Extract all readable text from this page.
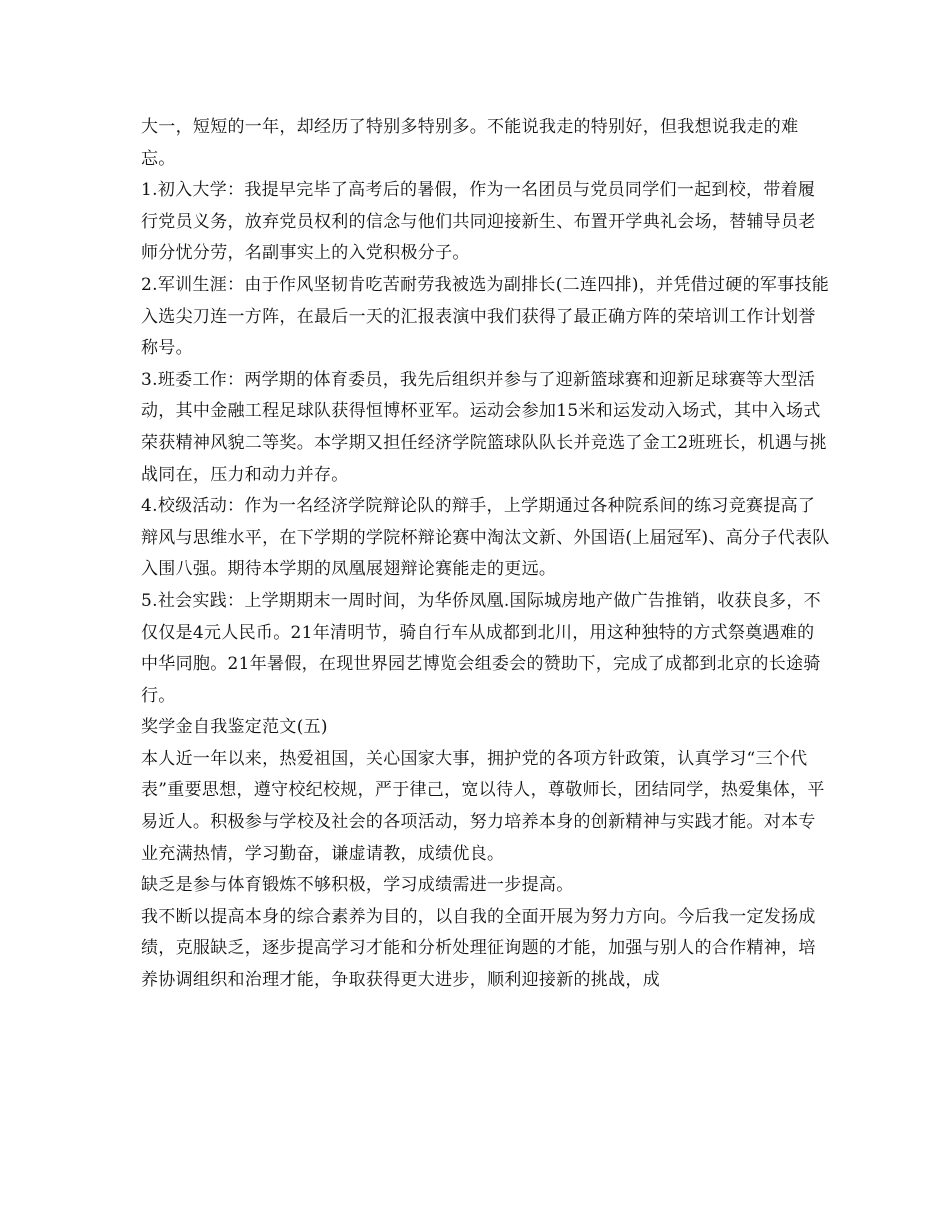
大一，短短的一年，却经历了特别多特别多。不能说我走的特别好，但我想说我走的难忘。

1.初入大学：我提早完毕了高考后的暑假，作为一名团员与党员同学们一起到校，带着履行党员义务，放弃党员权利的信念与他们共同迎接新生、布置开学典礼会场，替辅导员老师分忧分劳，名副事实上的入党积极分子。

2.军训生涯：由于作风坚韧肯吃苦耐劳我被选为副排长(二连四排)，并凭借过硬的军事技能入选尖刀连一方阵，在最后一天的汇报表演中我们获得了最正确方阵的荣培训工作计划誉称号。

3.班委工作：两学期的体育委员，我先后组织并参与了迎新篮球赛和迎新足球赛等大型活动，其中金融工程足球队获得恒博杯亚军。运动会参加15米和运发动入场式，其中入场式荣获精神风貌二等奖。本学期又担任经济学院篮球队队长并竞选了金工2班班长，机遇与挑战同在，压力和动力并存。

4.校级活动：作为一名经济学院辩论队的辩手，上学期通过各种院系间的练习竞赛提高了辩风与思维水平，在下学期的学院杯辩论赛中淘汰文新、外国语(上届冠军)、高分子代表队入围八强。期待本学期的凤凰展翅辩论赛能走的更远。

5.社会实践：上学期期末一周时间，为华侨凤凰.国际城房地产做广告推销，收获良多，不仅仅是4元人民币。21年清明节，骑自行车从成都到北川，用这种独特的方式祭奠遇难的中华同胞。21年暑假，在现世界园艺博览会组委会的赞助下，完成了成都到北京的长途骑行。

奖学金自我鉴定范文(五)

本人近一年以来，热爱祖国，关心国家大事，拥护党的各项方针政策，认真学习“三个代表”重要思想，遵守校纪校规，严于律己，宽以待人，尊敬师长，团结同学，热爱集体，平易近人。积极参与学校及社会的各项活动，努力培养本身的创新精神与实践才能。对本专业充满热情，学习勤奋，谦虚请教，成绩优良。

缺乏是参与体育锻炼不够积极，学习成绩需进一步提高。

我不断以提高本身的综合素养为目的，以自我的全面开展为努力方向。今后我一定发扬成绩，克服缺乏，逐步提高学习才能和分析处理征询题的才能，加强与别人的合作精神，培养协调组织和治理才能，争取获得更大进步，顺利迎接新的挑战，成
